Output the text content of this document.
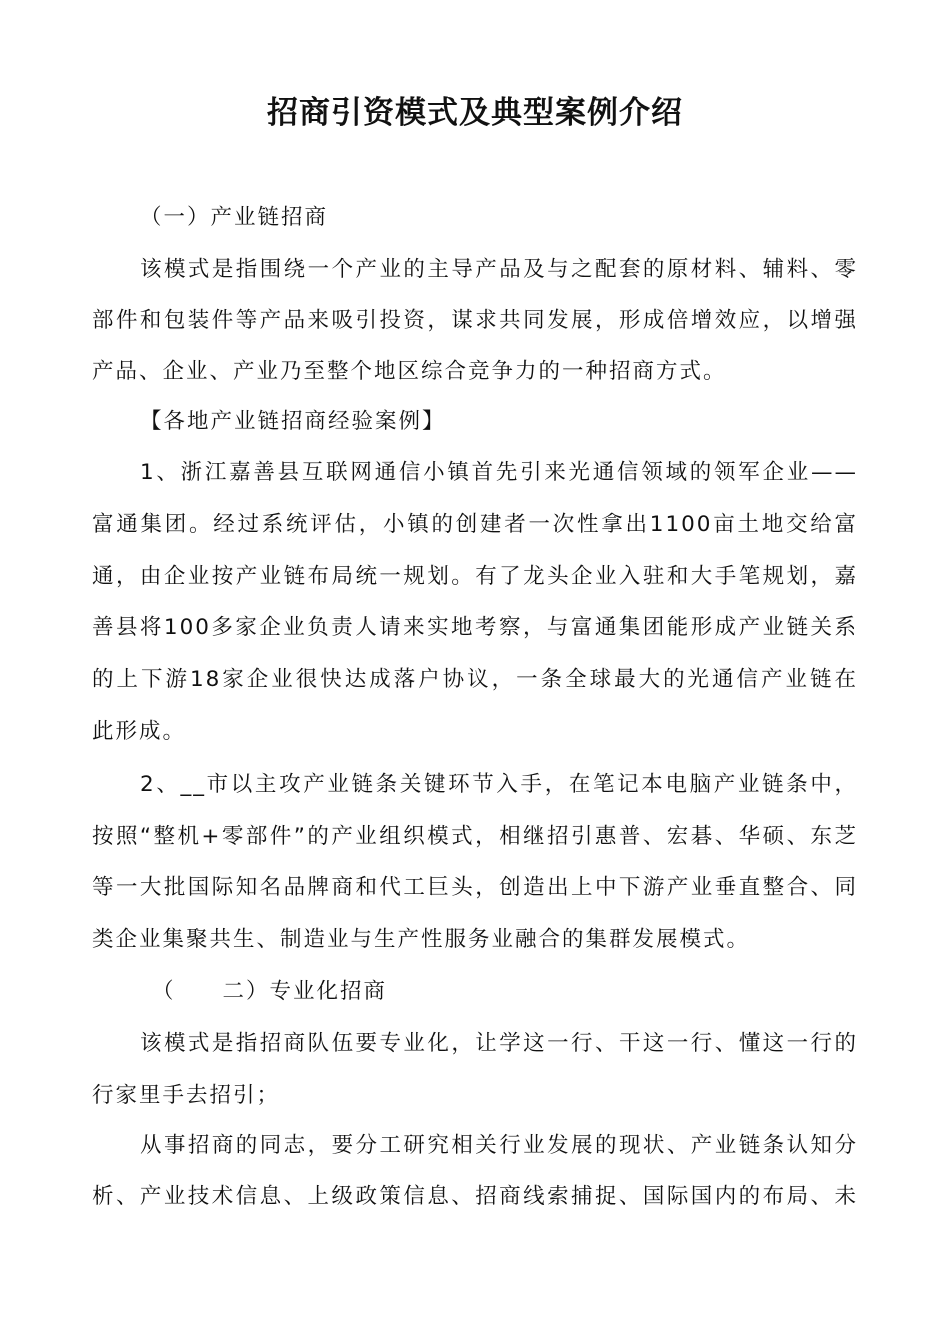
招商引资模式及典型案例介绍
（一）产业链招商
该模式是指围绕一个产业的主导产品及与之配套的原材料、辅料、零
部件和包装件等产品来吸引投资，谋求共同发展，形成倍增效应，以增强
产品、企业、产业乃至整个地区综合竞争力的一种招商方式。
【各地产业链招商经验案例】
1、浙江嘉善县互联网通信小镇首先引来光通信领域的领军企业——
富通集团。经过系统评估，小镇的创建者一次性拿出1100亩土地交给富
通，由企业按产业链布局统一规划。有了龙头企业入驻和大手笔规划，嘉
善县将100多家企业负责人请来实地考察，与富通集团能形成产业链关系
的上下游18家企业很快达成落户协议，一条全球最大的光通信产业链在
此形成。
2、__市以主攻产业链条关键环节入手，在笔记本电脑产业链条中，
按照“整机+零部件”的产业组织模式，相继招引惠普、宏碁、华硕、东芝
等一大批国际知名品牌商和代工巨头，创造出上中下游产业垂直整合、同
类企业集聚共生、制造业与生产性服务业融合的集群发展模式。
（　　二）专业化招商
该模式是指招商队伍要专业化，让学这一行、干这一行、懂这一行的
行家里手去招引；
从事招商的同志，要分工研究相关行业发展的现状、产业链条认知分
析、产业技术信息、上级政策信息、招商线索捕捉、国际国内的布局、未
